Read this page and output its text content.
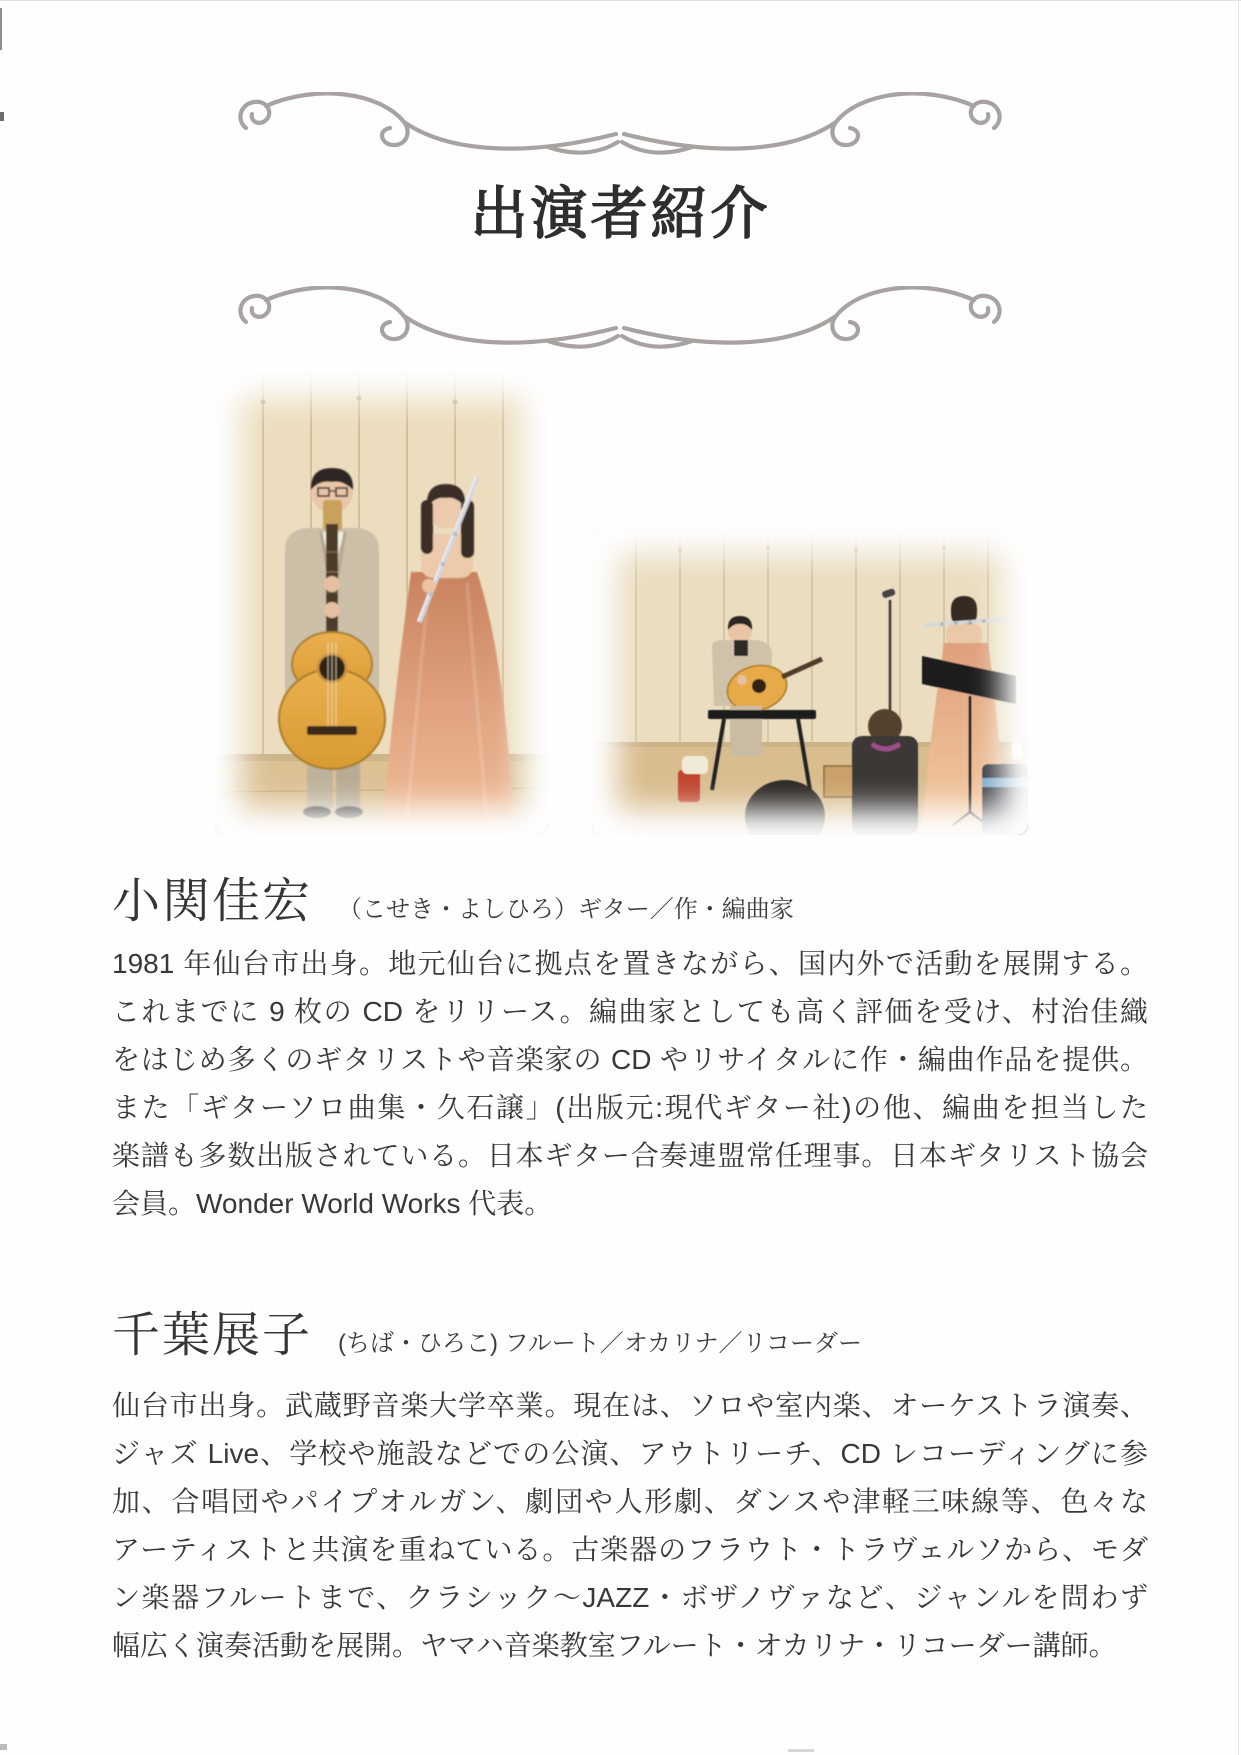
出演者紹介
小関佳宏 （こせき・よしひろ）ギター／作・編曲家
1981 年仙台市出身。地元仙台に拠点を置きながら、国内外で活動を展開する。
これまでに 9 枚の CD をリリース。編曲家としても高く評価を受け、村治佳織
をはじめ多くのギタリストや音楽家の CD やリサイタルに作・編曲作品を提供。
また「ギターソロ曲集・久石譲」(出版元:現代ギター社)の他、編曲を担当した
楽譜も多数出版されている。日本ギター合奏連盟常任理事。日本ギタリスト協会
会員。Wonder World Works 代表。
千葉展子 (ちば・ひろこ) フルート／オカリナ／リコーダー
仙台市出身。武蔵野音楽大学卒業。現在は、ソロや室内楽、オーケストラ演奏、
ジャズ Live、学校や施設などでの公演、アウトリーチ、CD レコーディングに参
加、合唱団やパイプオルガン、劇団や人形劇、ダンスや津軽三味線等、色々な
アーティストと共演を重ねている。古楽器のフラウト・トラヴェルソから、モダ
ン楽器フルートまで、クラシック～JAZZ・ボザノヴァなど、ジャンルを問わず
幅広く演奏活動を展開。ヤマハ音楽教室フルート・オカリナ・リコーダー講師。
